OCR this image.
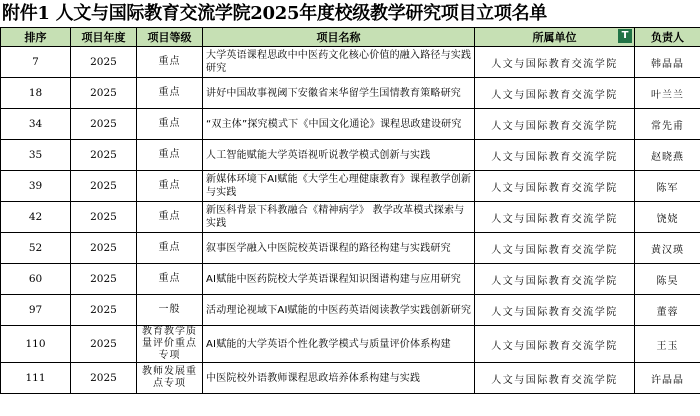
附件1 人文与国际教育交流学院2025年度校级教学研究项目立项名单
排序	项目年度	项目等级	项目名称	所属单位 T	负责人
7	2025	重点	大学英语课程思政中中医药文化核心价值的融入路径与实践研究	人文与国际教育交流学院	韩晶晶
18	2025	重点	讲好中国故事视阈下安徽省来华留学生国情教育策略研究	人文与国际教育交流学院	叶兰兰
34	2025	重点	“双主体”探究模式下《中国文化通论》课程思政建设研究	人文与国际教育交流学院	常先甫
35	2025	重点	人工智能赋能大学英语视听说教学模式创新与实践	人文与国际教育交流学院	赵晓燕
39	2025	重点	新媒体环境下AI赋能《大学生心理健康教育》课程教学创新与实践	人文与国际教育交流学院	陈军
42	2025	重点	新医科背景下科教融合《精神病学》 教学改革模式探索与实践	人文与国际教育交流学院	饶娆
52	2025	重点	叙事医学融入中医院校英语课程的路径构建与实践研究	人文与国际教育交流学院	黄汉瑛
60	2025	重点	AI赋能中医药院校大学英语课程知识图谱构建与应用研究	人文与国际教育交流学院	陈昊
97	2025	一般	活动理论视域下AI赋能的中医药英语阅读教学实践创新研究	人文与国际教育交流学院	董蓉
110	2025	教育教学质量评价重点专项	AI赋能的大学英语个性化教学模式与质量评价体系构建	人文与国际教育交流学院	王玉
111	2025	教师发展重点专项	中医院校外语教师课程思政培养体系构建与实践	人文与国际教育交流学院	许晶晶
